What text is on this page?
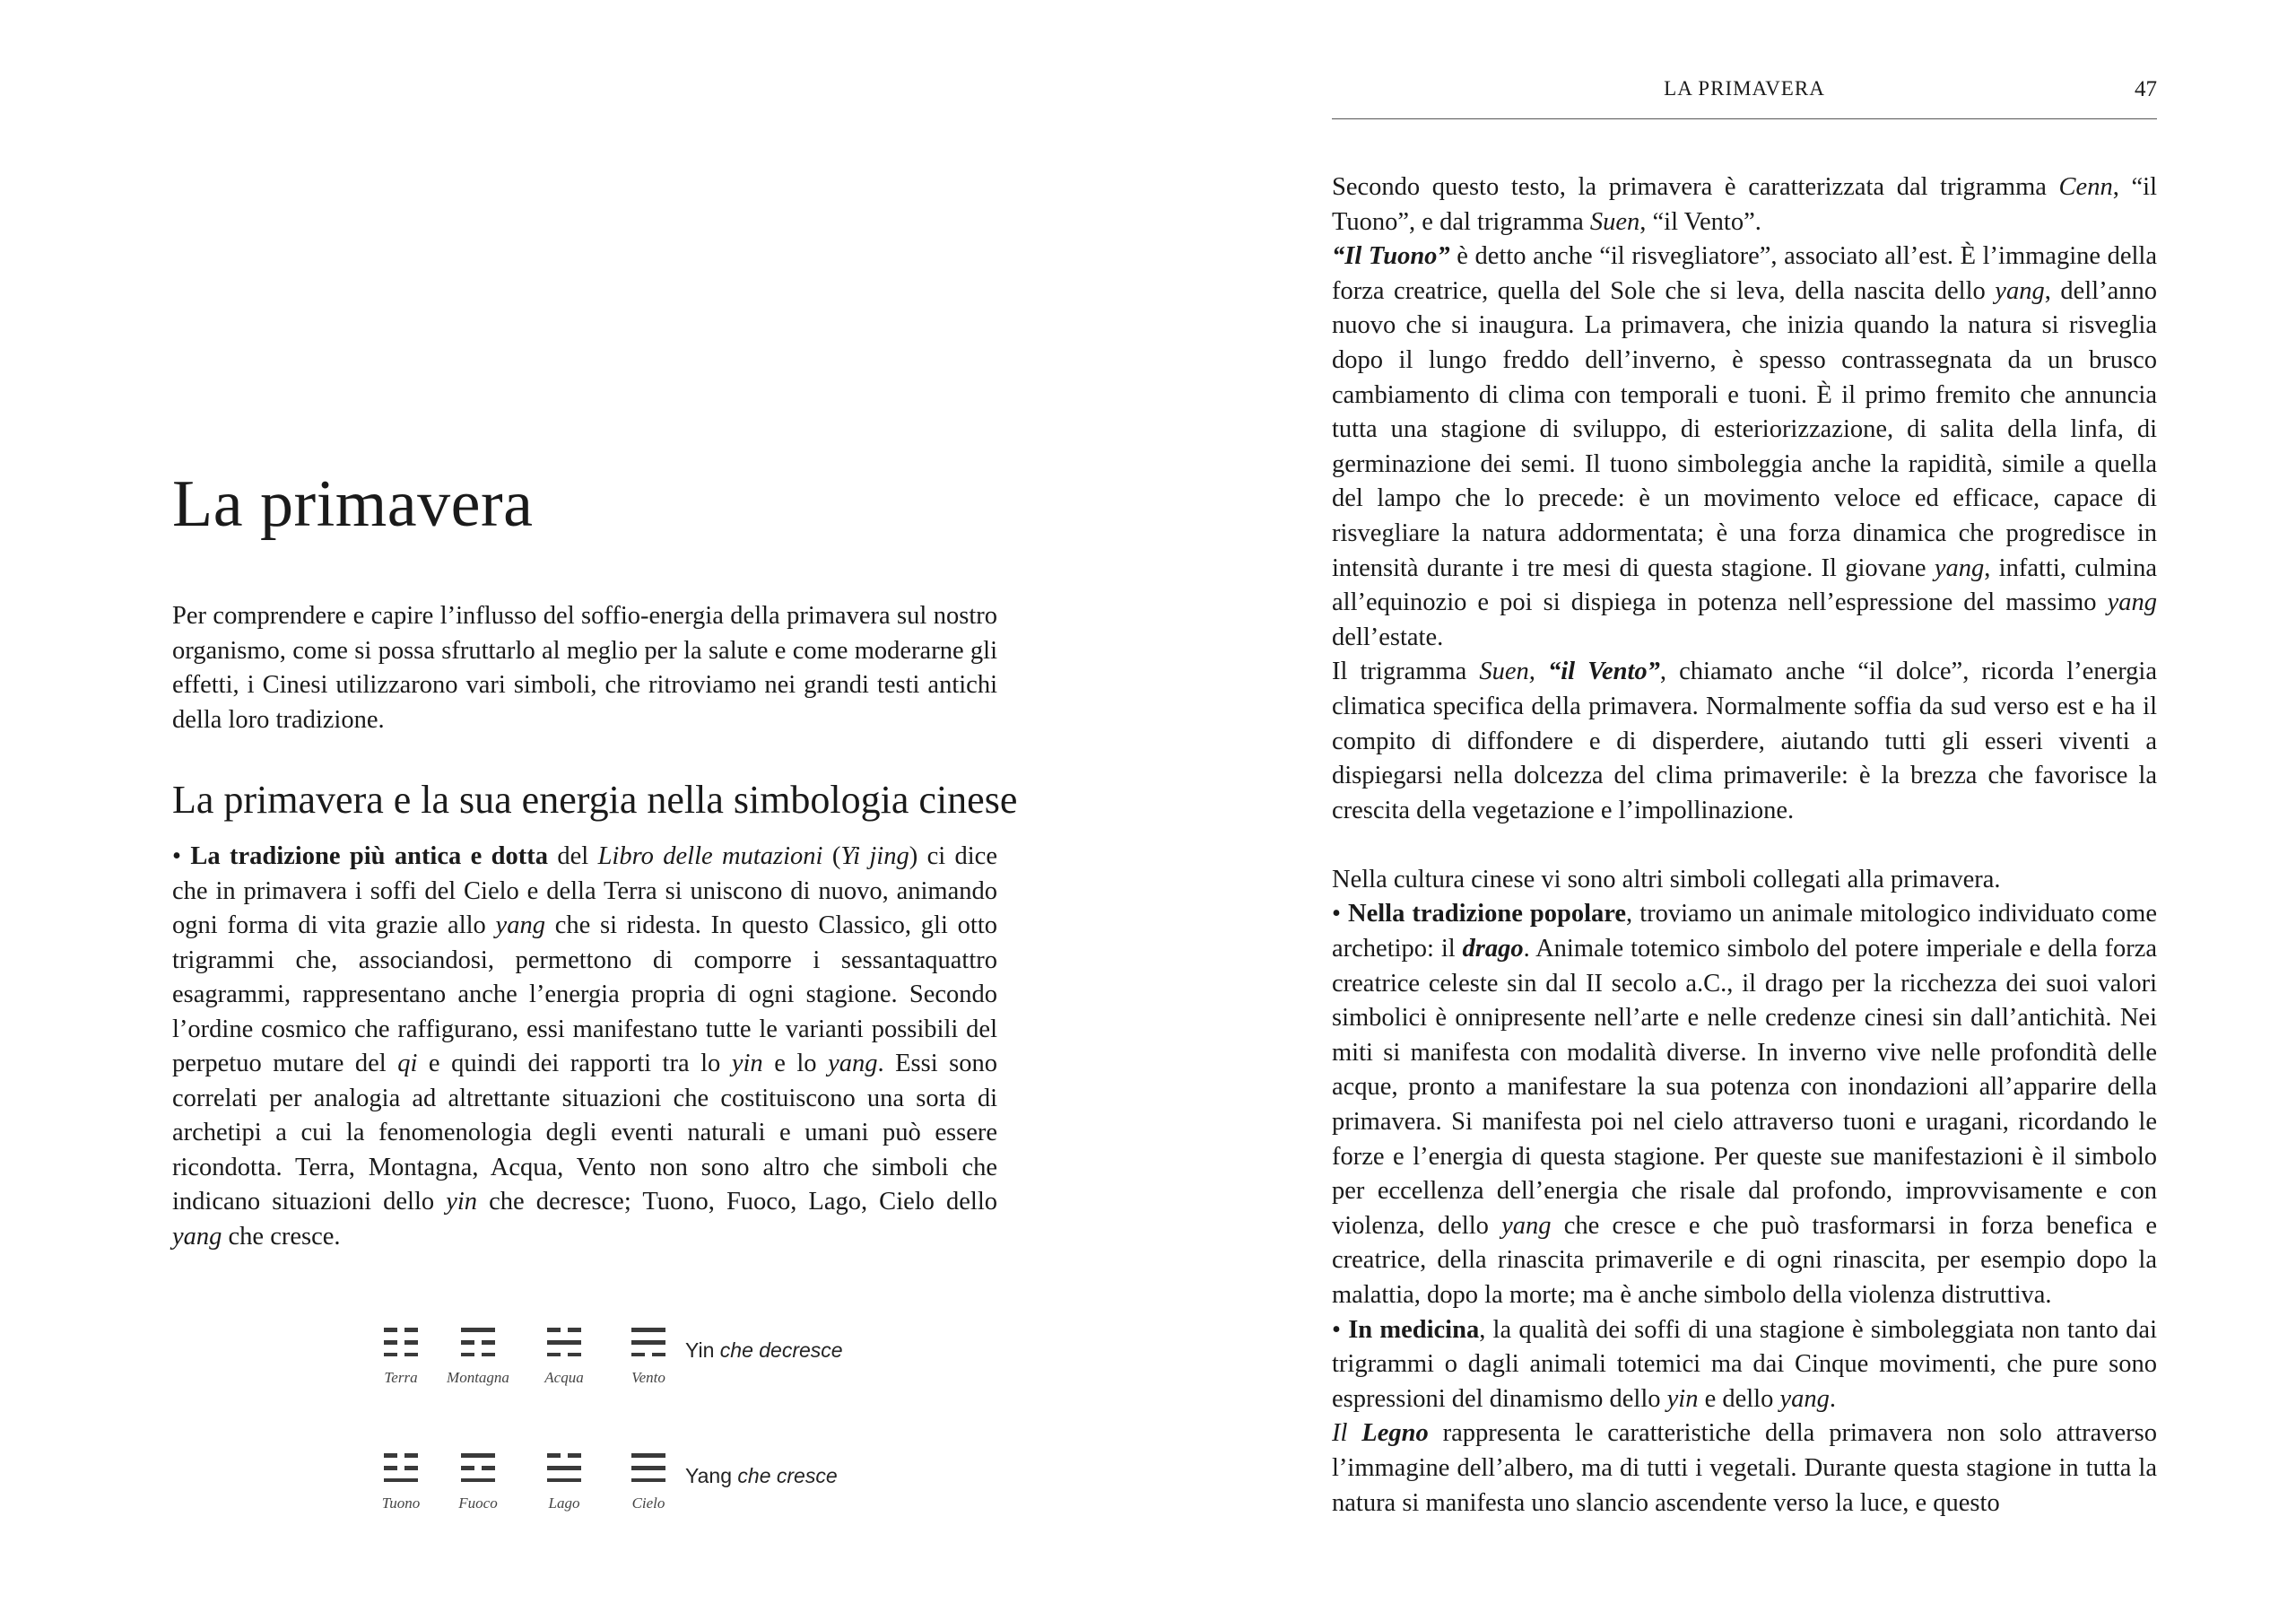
La primavera

Per comprendere e capire l’influsso del soffio-energia della primavera sul nostro organismo, come si possa sfruttarlo al meglio per la salute e come moderarne gli effetti, i Cinesi utilizzarono vari simboli, che ritroviamo nei grandi testi antichi della loro tradizione.

La primavera e la sua energia nella simbologia cinese

• La tradizione più antica e dotta del Libro delle mutazioni (Yi jing) ci dice che in primavera i soffi del Cielo e della Terra si uniscono di nuovo, animando ogni forma di vita grazie allo yang che si ridesta. In questo Classico, gli otto trigrammi che, associandosi, permettono di comporre i sessantaquattro esagrammi, rappresentano anche l’energia propria di ogni stagione. Secondo l’ordine cosmico che raffigurano, essi manifestano tutte le varianti possibili del perpetuo mutare del qi e quindi dei rapporti tra lo yin e lo yang. Essi sono correlati per analogia ad altrettante situazioni che costituiscono una sorta di archetipi a cui la fenomenologia degli eventi naturali e umani può essere ricondotta. Terra, Montagna, Acqua, Vento non sono altro che simboli che indicano situazioni dello yin che decresce; Tuono, Fuoco, Lago, Cielo dello yang che cresce.

Terra	Montagna	Acqua	Vento
Yin che decresce
Tuono	Fuoco	Lago	Cielo
Yang che cresce
LA PRIMAVERA	47

Secondo questo testo, la primavera è caratterizzata dal trigramma Cenn, “il Tuono”, e dal trigramma Suen, “il Vento”.

“Il Tuono” è detto anche “il risvegliatore”, associato all’est. È l’immagine della forza creatrice, quella del Sole che si leva, della nascita dello yang, dell’anno nuovo che si inaugura. La primavera, che inizia quando la natura si risveglia dopo il lungo freddo dell’inverno, è spesso contrassegnata da un brusco cambiamento di clima con temporali e tuoni. È il primo fremito che annuncia tutta una stagione di sviluppo, di esteriorizzazione, di salita della linfa, di germinazione dei semi. Il tuono simboleggia anche la rapidità, simile a quella del lampo che lo precede: è un movimento veloce ed efficace, capace di risvegliare la natura addormentata; è una forza dinamica che progredisce in intensità durante i tre mesi di questa stagione. Il giovane yang, infatti, culmina all’equinozio e poi si dispiega in potenza nell’espressione del massimo yang dell’estate.

Il trigramma Suen, “il Vento”, chiamato anche “il dolce”, ricorda l’energia climatica specifica della primavera. Normalmente soffia da sud verso est e ha il compito di diffondere e di disperdere, aiutando tutti gli esseri viventi a dispiegarsi nella dolcezza del clima primaverile: è la brezza che favorisce la crescita della vegetazione e l’impollinazione.

Nella cultura cinese vi sono altri simboli collegati alla primavera.

• Nella tradizione popolare, troviamo un animale mitologico individuato come archetipo: il drago. Animale totemico simbolo del potere imperiale e della forza creatrice celeste sin dal II secolo a.C., il drago per la ricchezza dei suoi valori simbolici è onnipresente nell’arte e nelle credenze cinesi sin dall’antichità. Nei miti si manifesta con modalità diverse. In inverno vive nelle profondità delle acque, pronto a manifestare la sua potenza con inondazioni all’apparire della primavera. Si manifesta poi nel cielo attraverso tuoni e uragani, ricordando le forze e l’energia di questa stagione. Per queste sue manifestazioni è il simbolo per eccellenza dell’energia che risale dal profondo, improvvisamente e con violenza, dello yang che cresce e che può trasformarsi in forza benefica e creatrice, della rinascita primaverile e di ogni rinascita, per esempio dopo la malattia, dopo la morte; ma è anche simbolo della violenza distruttiva.

• In medicina, la qualità dei soffi di una stagione è simboleggiata non tanto dai trigrammi o dagli animali totemici ma dai Cinque movimenti, che pure sono espressioni del dinamismo dello yin e dello yang.

Il Legno rappresenta le caratteristiche della primavera non solo attraverso l’immagine dell’albero, ma di tutti i vegetali. Durante questa stagione in tutta la natura si manifesta uno slancio ascendente verso la luce, e questo
